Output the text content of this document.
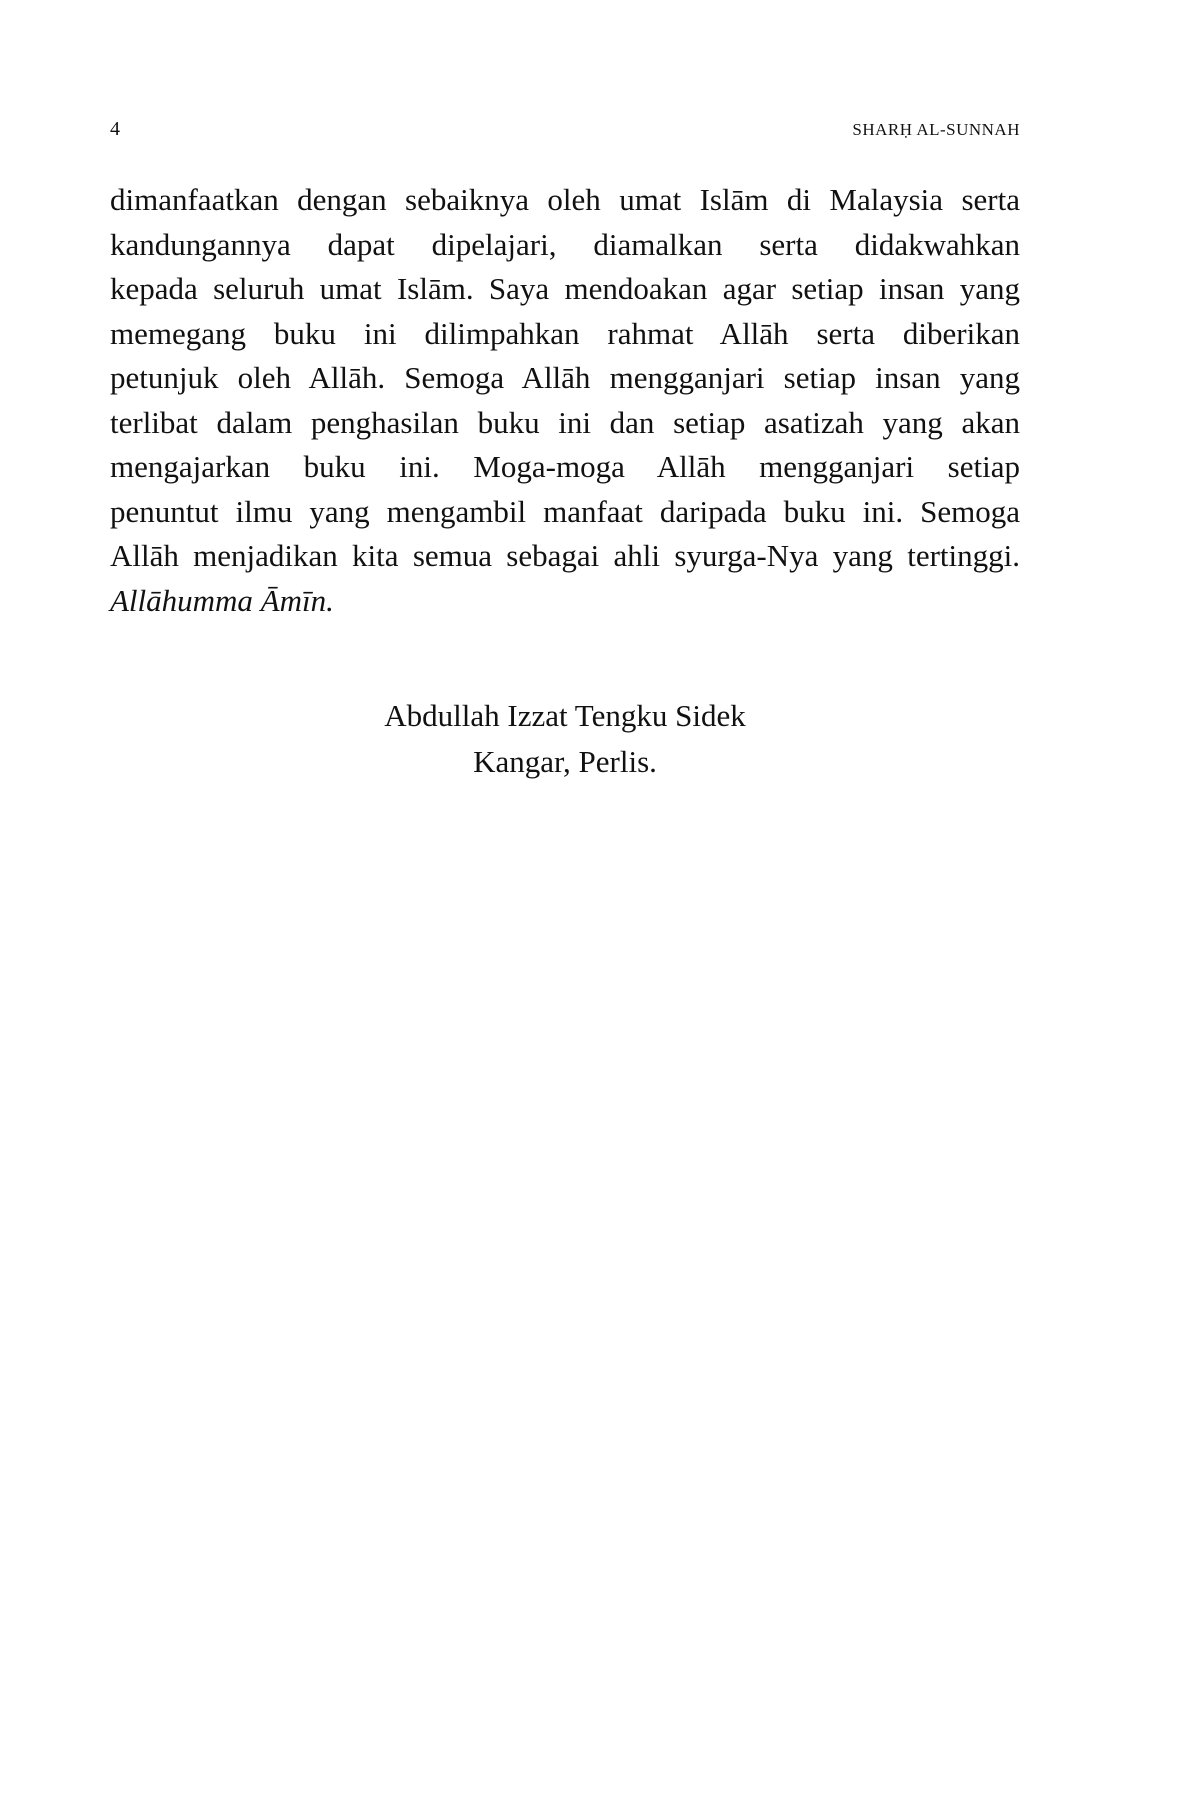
4	SHARḤ AL-SUNNAH
dimanfaatkan dengan sebaiknya oleh umat Islām di Malaysia serta
kandungannya dapat dipelajari, diamalkan serta didakwahkan
kepada seluruh umat Islām. Saya mendoakan agar setiap insan yang
memegang buku ini dilimpahkan rahmat Allāh serta diberikan
petunjuk oleh Allāh. Semoga Allāh mengganjari setiap insan yang
terlibat dalam penghasilan buku ini dan setiap asatizah yang akan
mengajarkan buku ini. Moga-moga Allāh mengganjari setiap
penuntut ilmu yang mengambil manfaat daripada buku ini. Semoga
Allāh menjadikan kita semua sebagai ahli syurga-Nya yang tertinggi.
Allāhumma Āmīn.
Abdullah Izzat Tengku Sidek
Kangar, Perlis.
